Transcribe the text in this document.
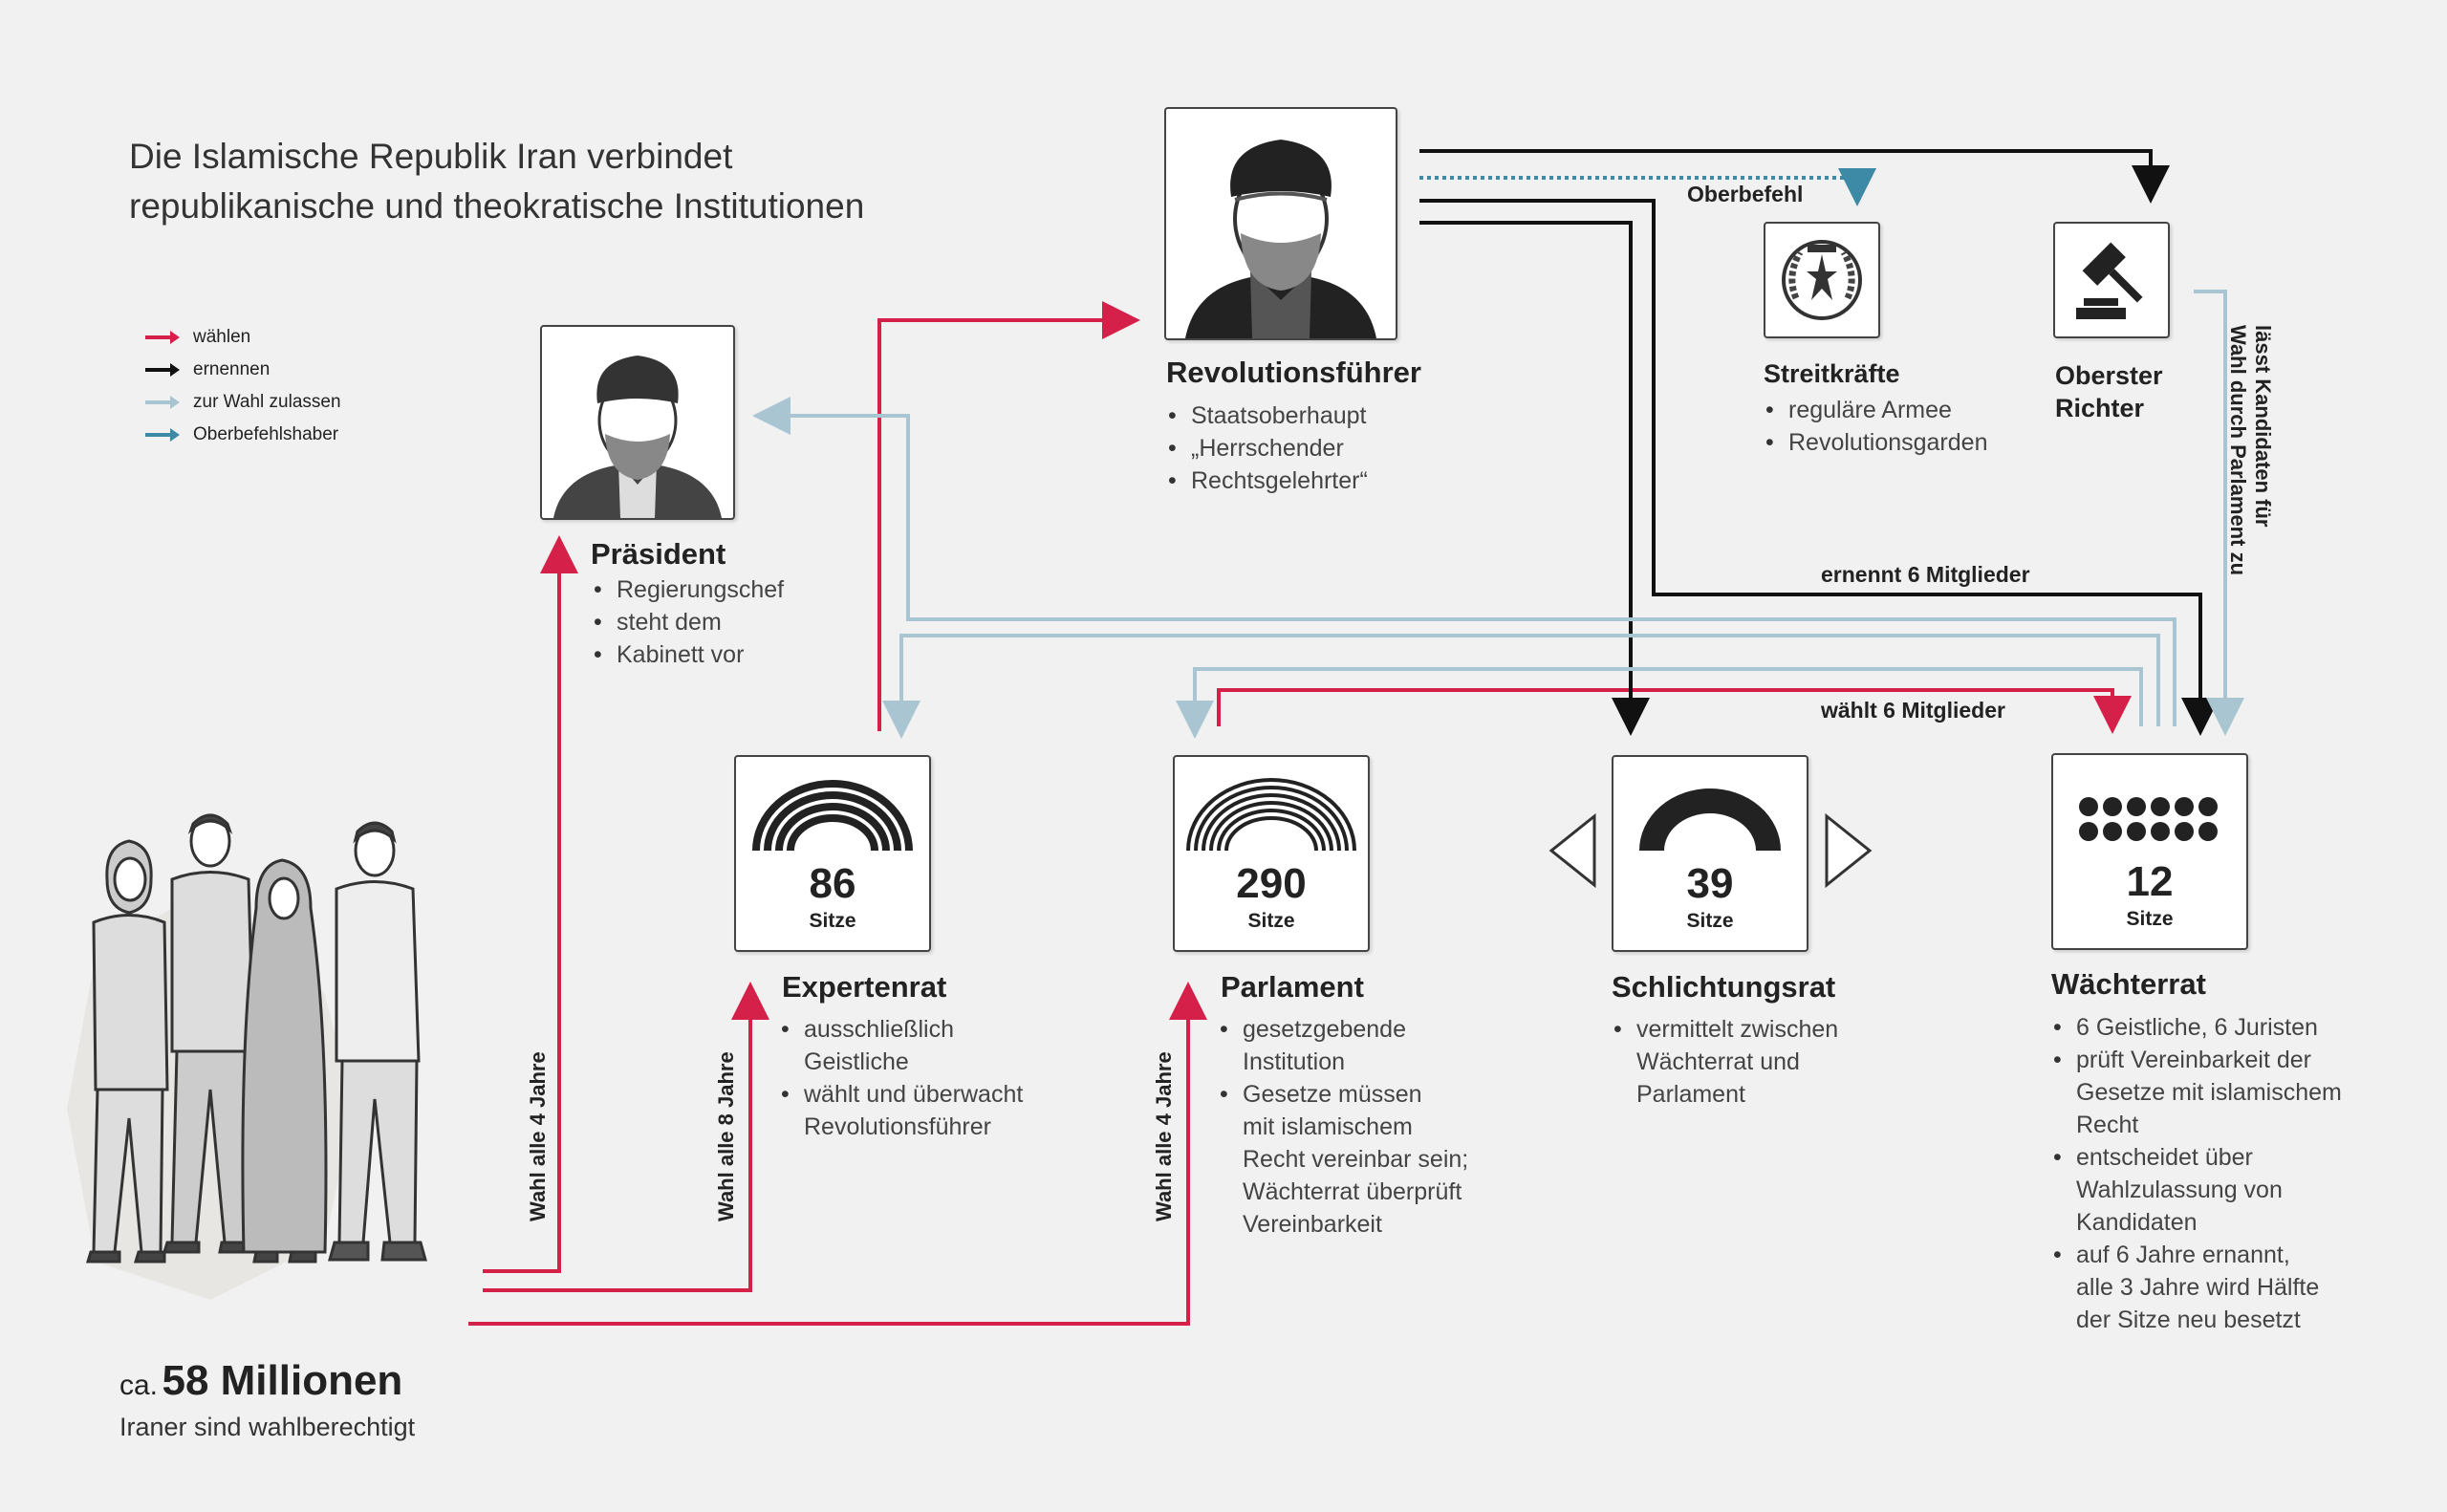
Die Islamische Republik Iran verbindet
republikanische und theokratische Institutionen
wählen
ernennen
zur Wahl zulassen
Oberbefehlshaber
Revolutionsführer
• Staatsoberhaupt
• „Herrschender
• Rechtsgelehrter“
Präsident
• Regierungschef
• steht dem
• Kabinett vor
Streitkräfte
• reguläre Armee
• Revolutionsgarden
Oberster
Richter
Oberbefehl
ernennt 6 Mitglieder
wählt 6 Mitglieder
lässt Kandidaten für
Wahl durch Parlament zu
Wahl alle 4 Jahre	Wahl alle 8 Jahre	Wahl alle 4 Jahre
86
Sitze
Expertenrat
• ausschließlich
Geistliche
• wählt und überwacht
Revolutionsführer
290
Sitze
Parlament
• gesetzgebende
Institution
• Gesetze müssen
mit islamischem
Recht vereinbar sein;
Wächterrat überprüft
Vereinbarkeit
39
Sitze
Schlichtungsrat
• vermittelt zwischen
Wächterrat und
Parlament
12
Sitze
Wächterrat
• 6 Geistliche, 6 Juristen
• prüft Vereinbarkeit der
Gesetze mit islamischem
Recht
• entscheidet über
Wahlzulassung von
Kandidaten
• auf 6 Jahre ernannt,
alle 3 Jahre wird Hälfte
der Sitze neu besetzt
ca. 58 Millionen
Iraner sind wahlberechtigt
